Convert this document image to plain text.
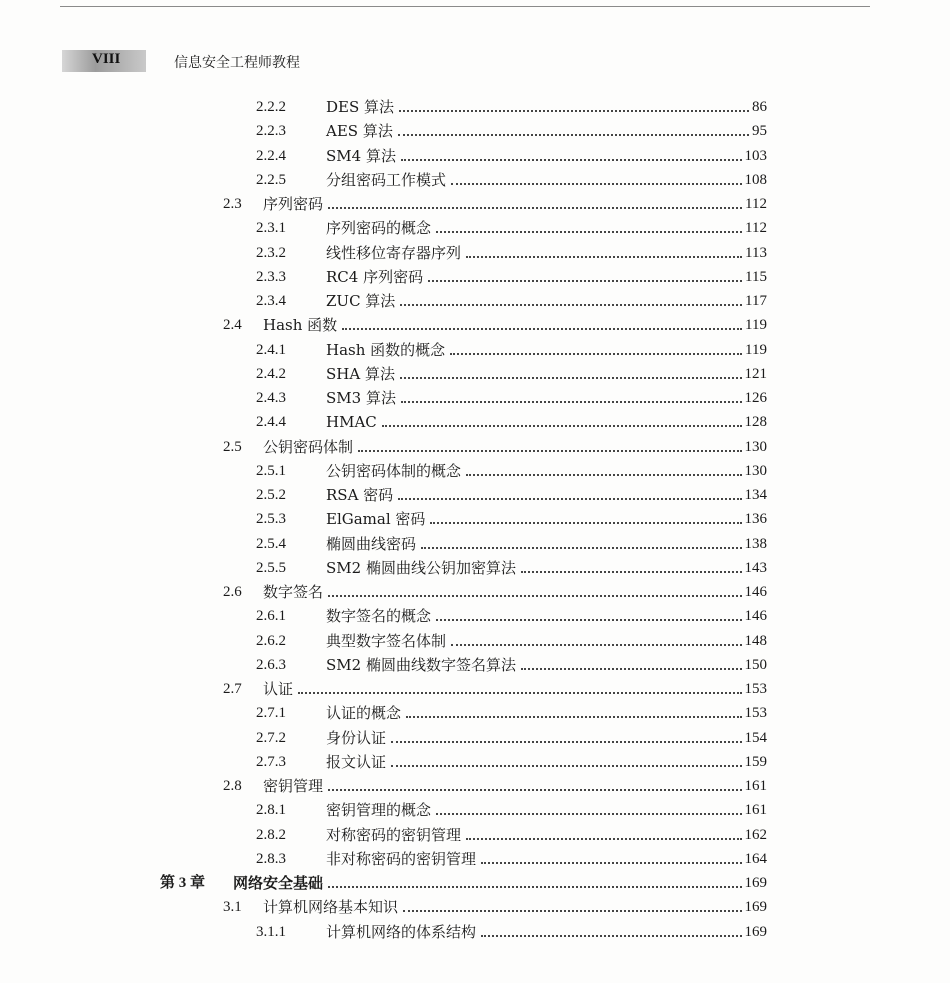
VIII	信息安全工程师教程
2.2.2	DES 算法	86
2.2.3	AES 算法	95
2.2.4	SM4 算法	103
2.2.5	分组密码工作模式	108
2.3	序列密码	112
2.3.1	序列密码的概念	112
2.3.2	线性移位寄存器序列	113
2.3.3	RC4 序列密码	115
2.3.4	ZUC 算法	117
2.4	Hash 函数	119
2.4.1	Hash 函数的概念	119
2.4.2	SHA 算法	121
2.4.3	SM3 算法	126
2.4.4	HMAC	128
2.5	公钥密码体制	130
2.5.1	公钥密码体制的概念	130
2.5.2	RSA 密码	134
2.5.3	ElGamal 密码	136
2.5.4	椭圆曲线密码	138
2.5.5	SM2 椭圆曲线公钥加密算法	143
2.6	数字签名	146
2.6.1	数字签名的概念	146
2.6.2	典型数字签名体制	148
2.6.3	SM2 椭圆曲线数字签名算法	150
2.7	认证	153
2.7.1	认证的概念	153
2.7.2	身份认证	154
2.7.3	报文认证	159
2.8	密钥管理	161
2.8.1	密钥管理的概念	161
2.8.2	对称密码的密钥管理	162
2.8.3	非对称密码的密钥管理	164
第 3 章	网络安全基础	169
3.1	计算机网络基本知识	169
3.1.1	计算机网络的体系结构	169
